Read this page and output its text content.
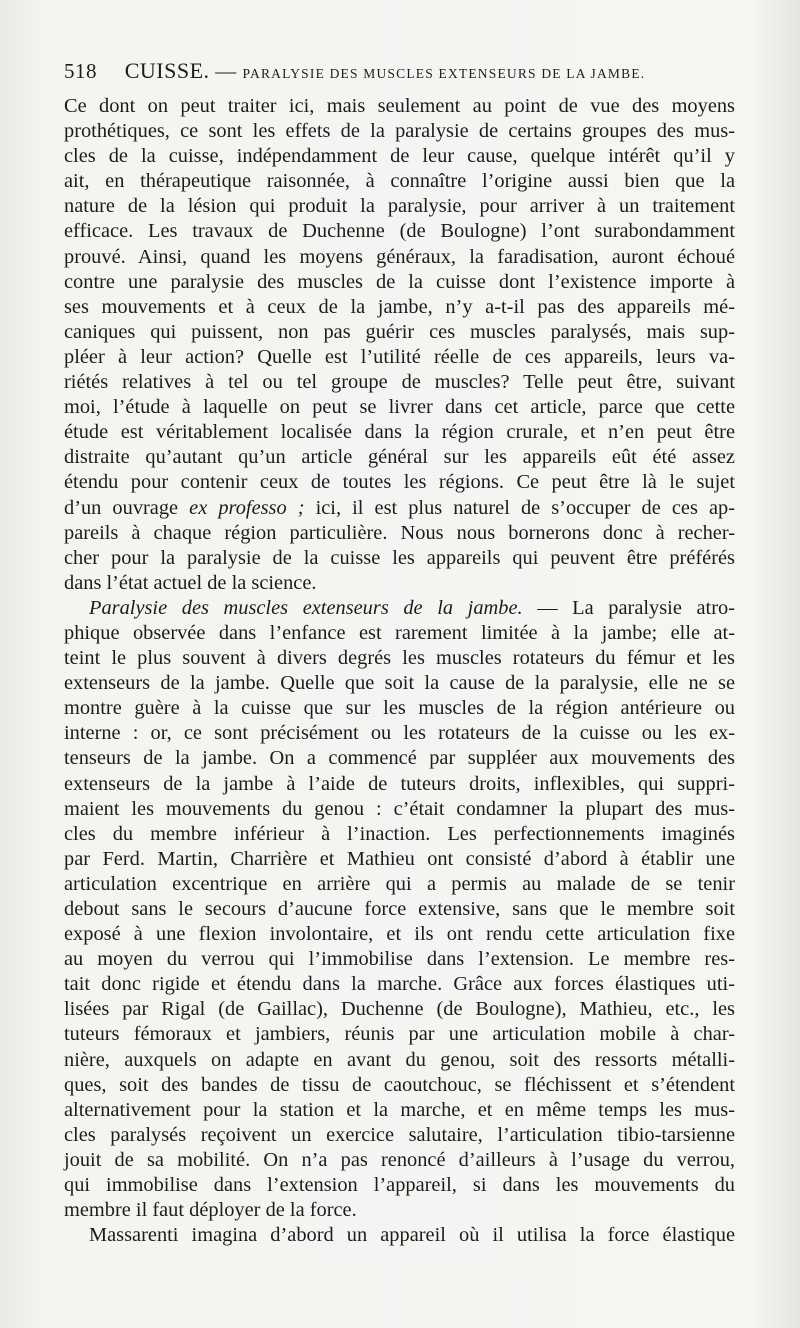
518 CUISSE. — PARALYSIE DES MUSCLES EXTENSEURS DE LA JAMBE.
Ce dont on peut traiter ici, mais seulement au point de vue des moyens
prothétiques, ce sont les effets de la paralysie de certains groupes des mus-
cles de la cuisse, indépendamment de leur cause, quelque intérêt qu’il y
ait, en thérapeutique raisonnée, à connaître l’origine aussi bien que la
nature de la lésion qui produit la paralysie, pour arriver à un traitement
efficace. Les travaux de Duchenne (de Boulogne) l’ont surabondamment
prouvé. Ainsi, quand les moyens généraux, la faradisation, auront échoué
contre une paralysie des muscles de la cuisse dont l’existence importe à
ses mouvements et à ceux de la jambe, n’y a-t-il pas des appareils mé-
caniques qui puissent, non pas guérir ces muscles paralysés, mais sup-
pléer à leur action? Quelle est l’utilité réelle de ces appareils, leurs va-
riétés relatives à tel ou tel groupe de muscles? Telle peut être, suivant
moi, l’étude à laquelle on peut se livrer dans cet article, parce que cette
étude est véritablement localisée dans la région crurale, et n’en peut être
distraite qu’autant qu’un article général sur les appareils eût été assez
étendu pour contenir ceux de toutes les régions. Ce peut être là le sujet
d’un ouvrage ex professo ; ici, il est plus naturel de s’occuper de ces ap-
pareils à chaque région particulière. Nous nous bornerons donc à recher-
cher pour la paralysie de la cuisse les appareils qui peuvent être préférés
dans l’état actuel de la science.
Paralysie des muscles extenseurs de la jambe. — La paralysie atro-
phique observée dans l’enfance est rarement limitée à la jambe; elle at-
teint le plus souvent à divers degrés les muscles rotateurs du fémur et les
extenseurs de la jambe. Quelle que soit la cause de la paralysie, elle ne se
montre guère à la cuisse que sur les muscles de la région antérieure ou
interne : or, ce sont précisément ou les rotateurs de la cuisse ou les ex-
tenseurs de la jambe. On a commencé par suppléer aux mouvements des
extenseurs de la jambe à l’aide de tuteurs droits, inflexibles, qui suppri-
maient les mouvements du genou : c’était condamner la plupart des mus-
cles du membre inférieur à l’inaction. Les perfectionnements imaginés
par Ferd. Martin, Charrière et Mathieu ont consisté d’abord à établir une
articulation excentrique en arrière qui a permis au malade de se tenir
debout sans le secours d’aucune force extensive, sans que le membre soit
exposé à une flexion involontaire, et ils ont rendu cette articulation fixe
au moyen du verrou qui l’immobilise dans l’extension. Le membre res-
tait donc rigide et étendu dans la marche. Grâce aux forces élastiques uti-
lisées par Rigal (de Gaillac), Duchenne (de Boulogne), Mathieu, etc., les
tuteurs fémoraux et jambiers, réunis par une articulation mobile à char-
nière, auxquels on adapte en avant du genou, soit des ressorts métalli-
ques, soit des bandes de tissu de caoutchouc, se fléchissent et s’étendent
alternativement pour la station et la marche, et en même temps les mus-
cles paralysés reçoivent un exercice salutaire, l’articulation tibio-tarsienne
jouit de sa mobilité. On n’a pas renoncé d’ailleurs à l’usage du verrou,
qui immobilise dans l’extension l’appareil, si dans les mouvements du
membre il faut déployer de la force.
Massarenti imagina d’abord un appareil où il utilisa la force élastique
